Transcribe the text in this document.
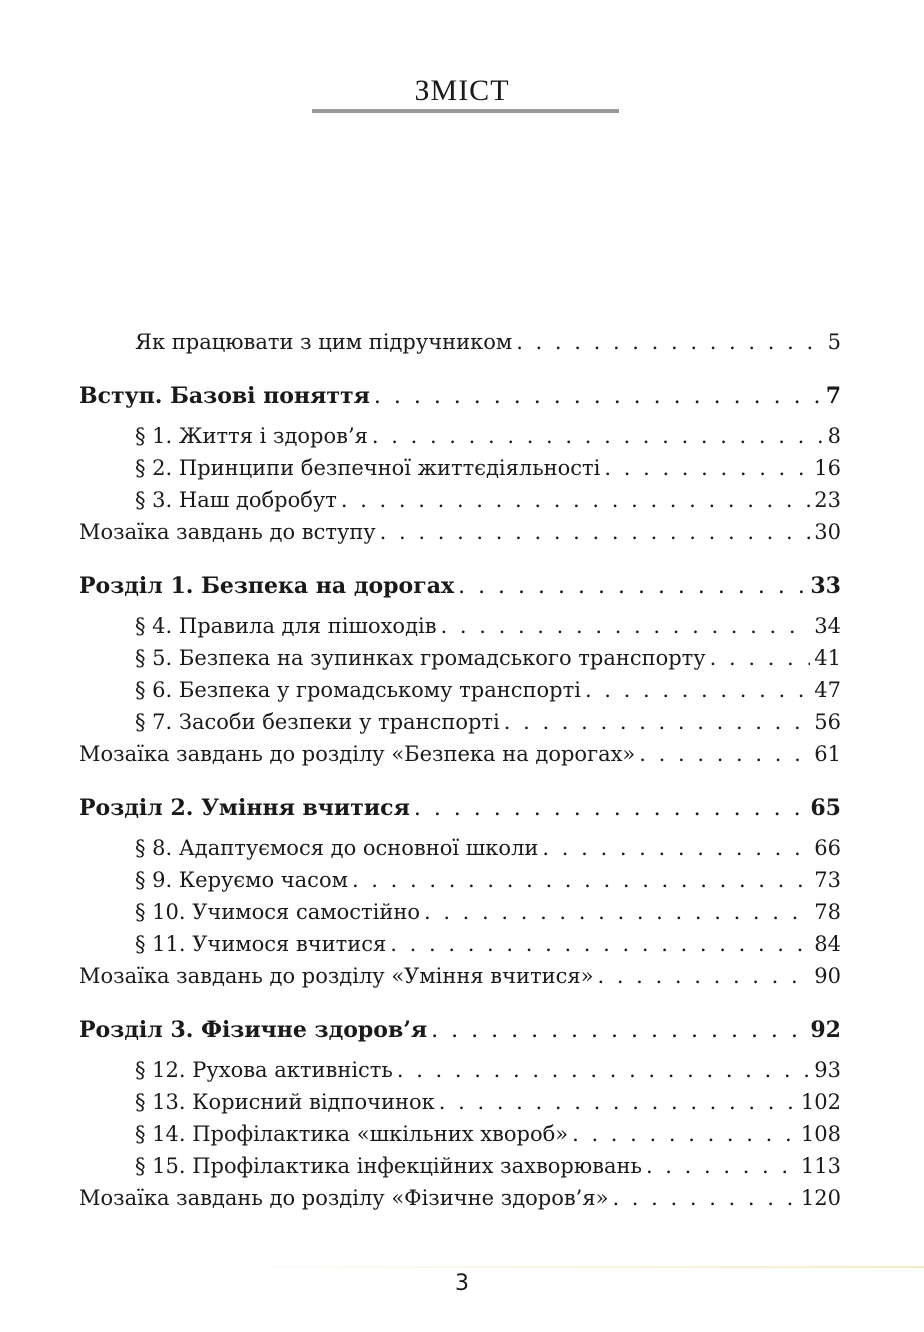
ЗМІСТ
Як працювати з цим підручником . . .	5
Вступ. Базові поняття . . .	7
§ 1. Життя і здоров’я . . .	8
§ 2. Принципи безпечної життєдіяльності . . .	16
§ 3. Наш добробут . . .	23
Мозаїка завдань до вступу . . .	30
Розділ 1. Безпека на дорогах . . .	33
§ 4. Правила для пішоходів . . .	34
§ 5. Безпека на зупинках громадського транспорту . . .	41
§ 6. Безпека у громадському транспорті . . .	47
§ 7. Засоби безпеки у транспорті . . .	56
Мозаїка завдань до розділу «Безпека на дорогах» . . .	61
Розділ 2. Уміння вчитися . . .	65
§ 8. Адаптуємося до основної школи . . .	66
§ 9. Керуємо часом . . .	73
§ 10. Учимося самостійно . . .	78
§ 11. Учимося вчитися . . .	84
Мозаїка завдань до розділу «Уміння вчитися» . . .	90
Розділ 3. Фізичне здоров’я . . .	92
§ 12. Рухова активність . . .	93
§ 13. Корисний відпочинок . . .	102
§ 14. Профілактика «шкільних хвороб» . . .	108
§ 15. Профілактика інфекційних захворювань . . .	113
Мозаїка завдань до розділу «Фізичне здоров’я» . . .	120
3
